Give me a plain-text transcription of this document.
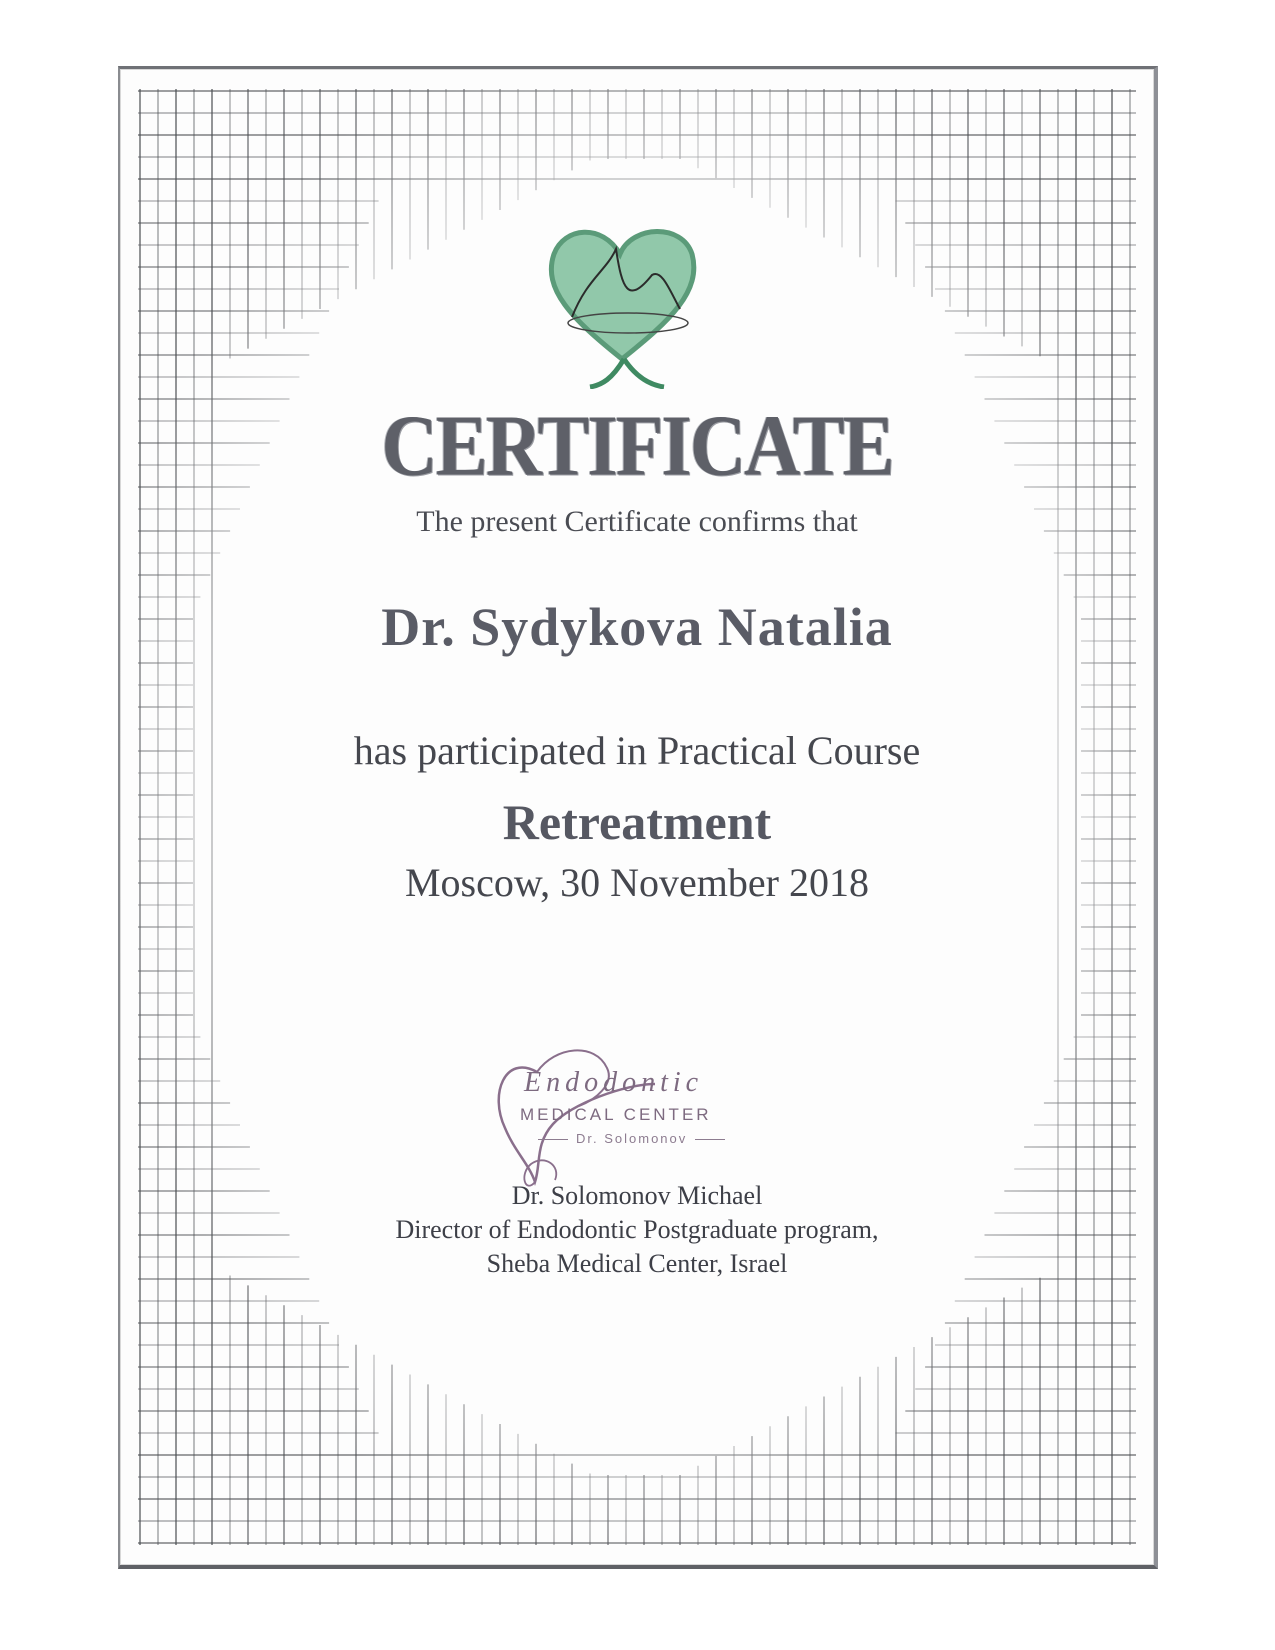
CERTIFICATE
The present Certificate confirms that
Dr. Sydykova Natalia
has participated in Practical Course
Retreatment
Moscow, 30 November 2018
Endodontic
MEDICAL CENTER
Dr. Solomonov
Dr. Solomonov Michael
Director of Endodontic Postgraduate program,
Sheba Medical Center, Israel
